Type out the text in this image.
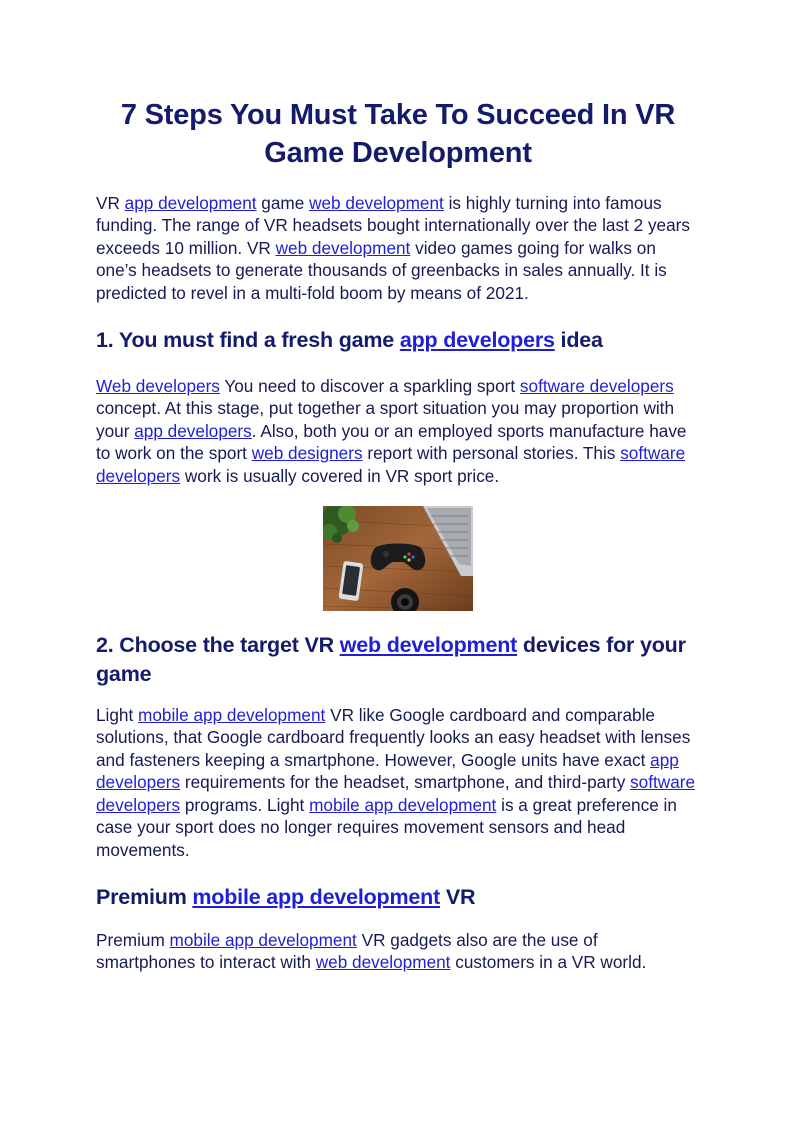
7 Steps You Must Take To Succeed In VR Game Development

VR app development game web development is highly turning into famous funding. The range of VR headsets bought internationally over the last 2 years exceeds 10 million. VR web development video games going for walks on one’s headsets to generate thousands of greenbacks in sales annually. It is predicted to revel in a multi-fold boom by means of 2021.

1. You must find a fresh game app developers idea

Web developers You need to discover a sparkling sport software developers concept. At this stage, put together a sport situation you may proportion with your app developers. Also, both you or an employed sports manufacture have to work on the sport web designers report with personal stories. This software developers work is usually covered in VR sport price.

2. Choose the target VR web development devices for your game

Light mobile app development VR like Google cardboard and comparable solutions, that Google cardboard frequently looks an easy headset with lenses and fasteners keeping a smartphone. However, Google units have exact app developers requirements for the headset, smartphone, and third-party software developers programs. Light mobile app development is a great preference in case your sport does no longer requires movement sensors and head movements.

Premium mobile app development VR

Premium mobile app development VR gadgets also are the use of smartphones to interact with web development customers in a VR world.
